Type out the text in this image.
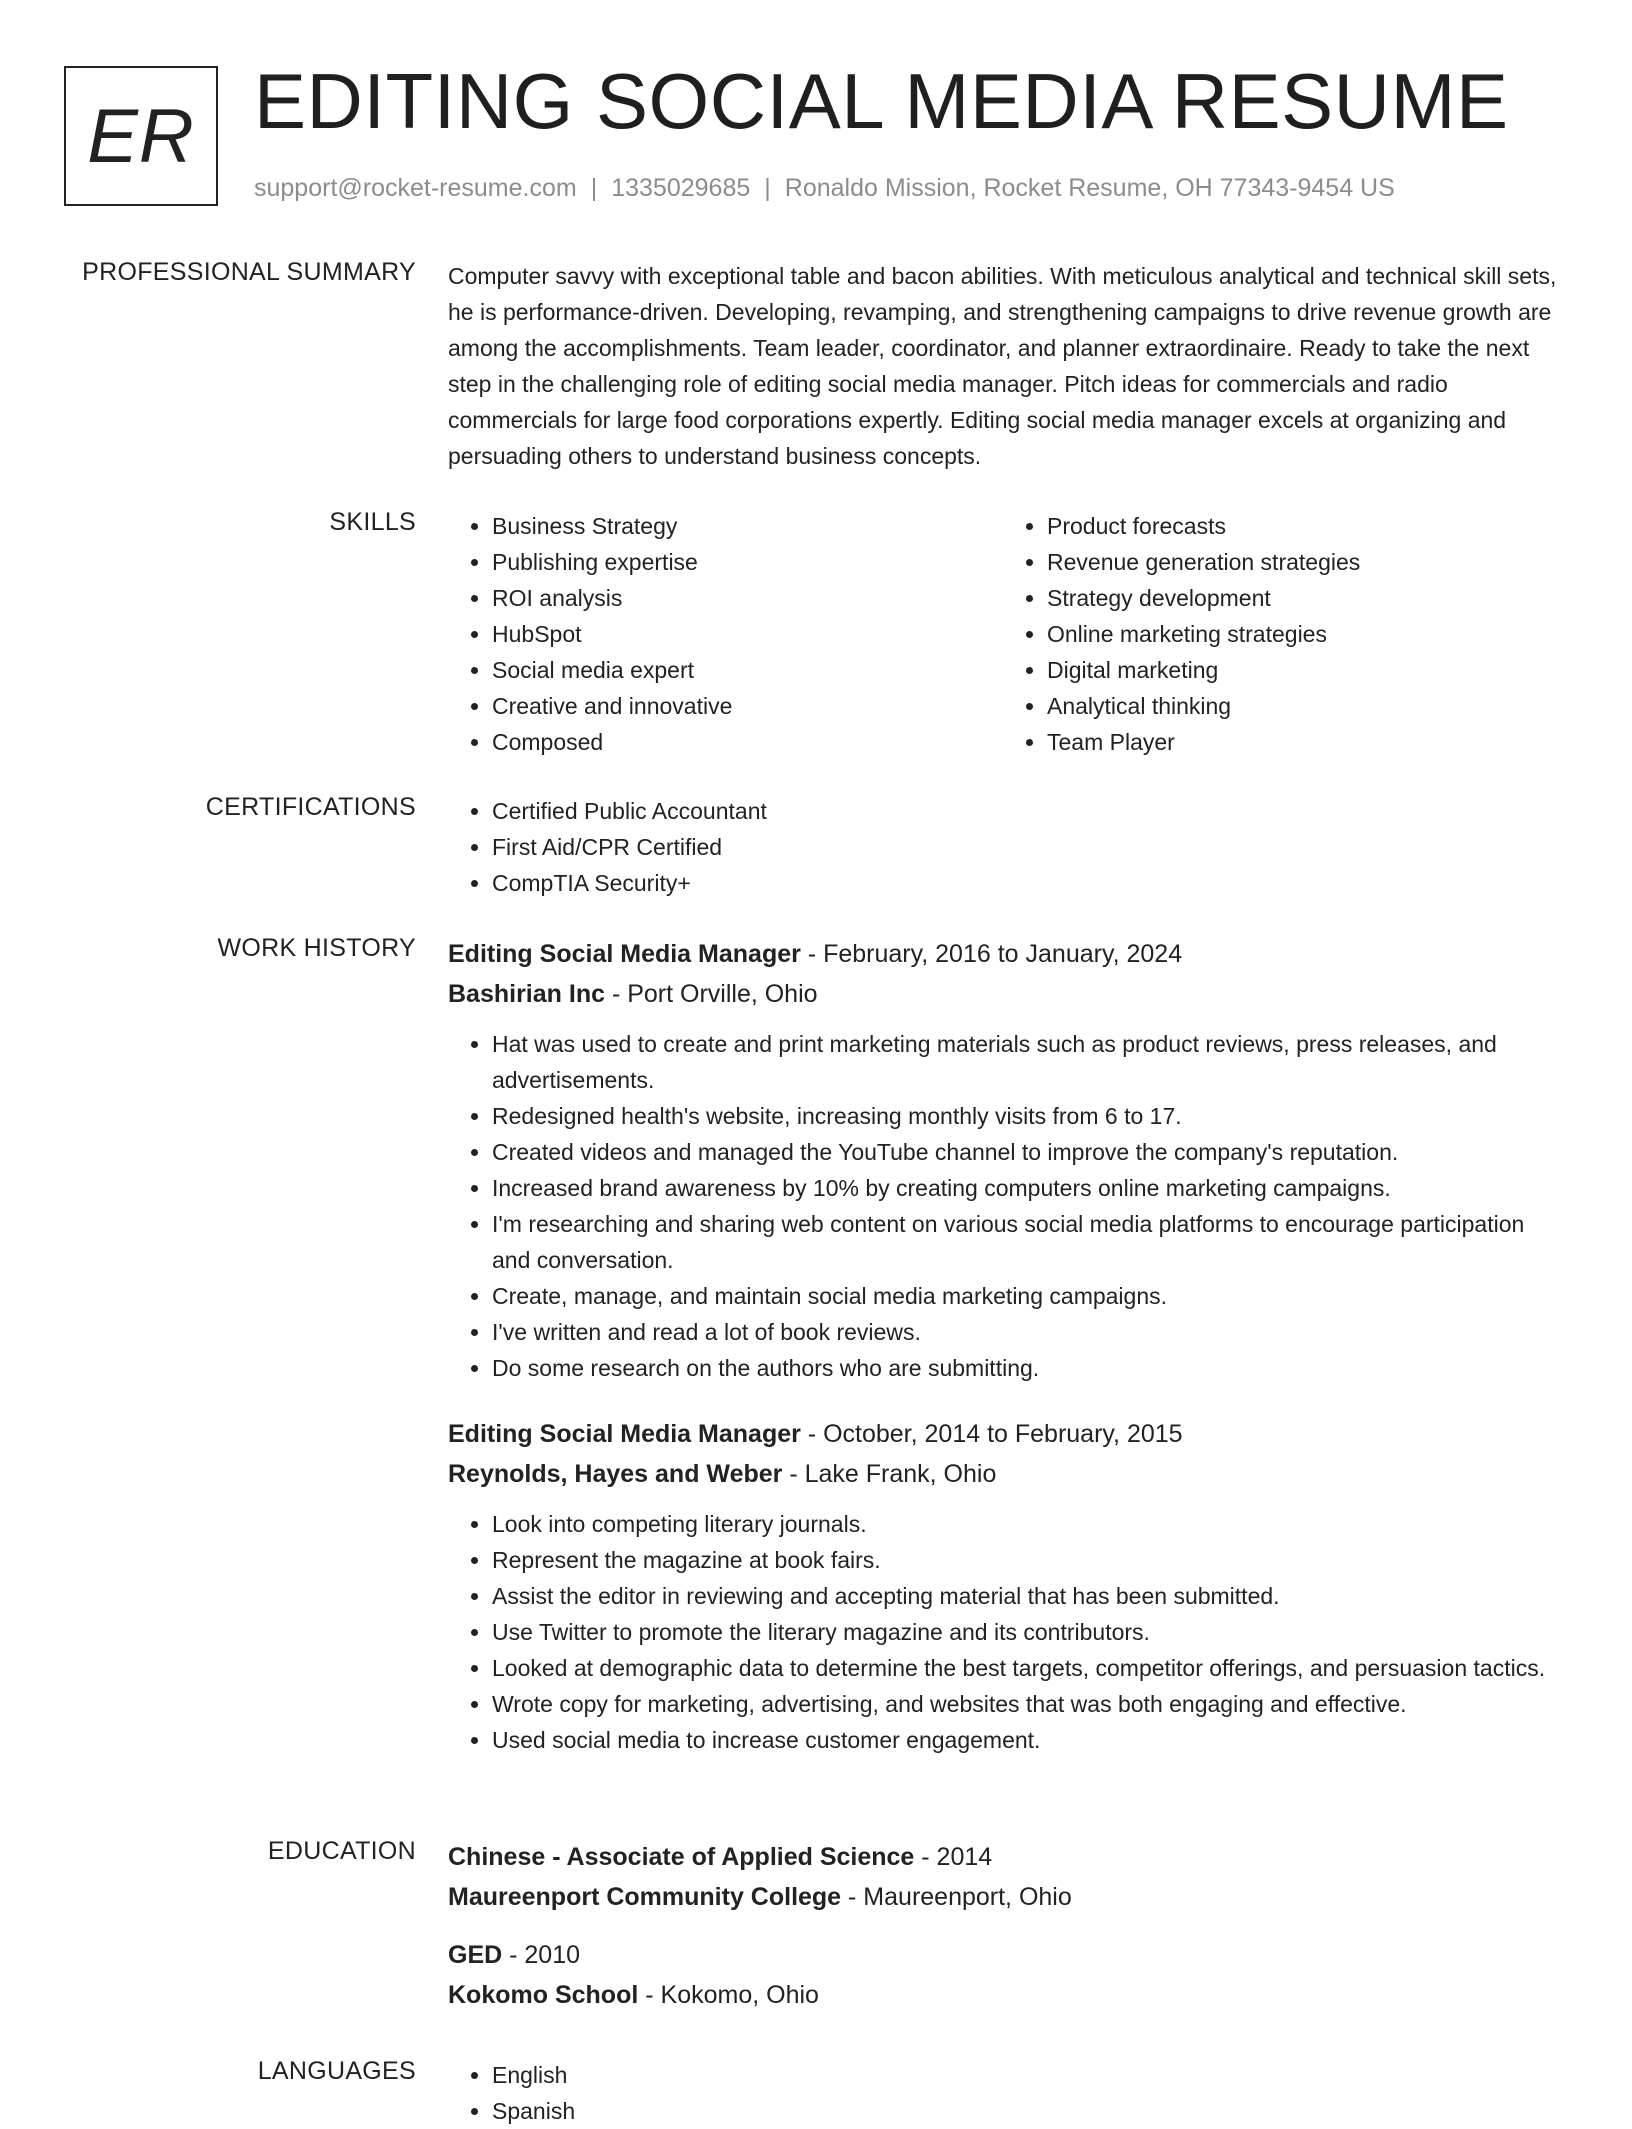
ER EDITING SOCIAL MEDIA RESUME
support@rocket-resume.com | 1335029685 | Ronaldo Mission, Rocket Resume, OH 77343-9454 US
PROFESSIONAL SUMMARY Computer savvy with exceptional table and bacon abilities. With meticulous analytical and technical skill sets, he is performance-driven. Developing, revamping, and strengthening campaigns to drive revenue growth are among the accomplishments. Team leader, coordinator, and planner extraordinaire. Ready to take the next step in the challenging role of editing social media manager. Pitch ideas for commercials and radio commercials for large food corporations expertly. Editing social media manager excels at organizing and persuading others to understand business concepts.
SKILLS	• Business Strategy
• Publishing expertise
• ROI analysis
• HubSpot
• Social media expert
• Creative and innovative
• Composed
• Product forecasts
• Revenue generation strategies
• Strategy development
• Online marketing strategies
• Digital marketing
• Analytical thinking
• Team Player
CERTIFICATIONS	• Certified Public Accountant
• First Aid/CPR Certified
• CompTIA Security+
WORK HISTORY Editing Social Media Manager - February, 2016 to January, 2024
Bashirian Inc - Port Orville, Ohio
• Hat was used to create and print marketing materials such as product reviews, press releases, and advertisements.
• Redesigned health's website, increasing monthly visits from 6 to 17.
• Created videos and managed the YouTube channel to improve the company's reputation.
• Increased brand awareness by 10% by creating computers online marketing campaigns.
• I'm researching and sharing web content on various social media platforms to encourage participation and conversation.
• Create, manage, and maintain social media marketing campaigns.
• I've written and read a lot of book reviews.
• Do some research on the authors who are submitting.
Editing Social Media Manager - October, 2014 to February, 2015
Reynolds, Hayes and Weber - Lake Frank, Ohio
• Look into competing literary journals.
• Represent the magazine at book fairs.
• Assist the editor in reviewing and accepting material that has been submitted.
• Use Twitter to promote the literary magazine and its contributors.
• Looked at demographic data to determine the best targets, competitor offerings, and persuasion tactics.
• Wrote copy for marketing, advertising, and websites that was both engaging and effective.
• Used social media to increase customer engagement.
EDUCATION Chinese - Associate of Applied Science - 2014
Maureenport Community College - Maureenport, Ohio
GED - 2010
Kokomo School - Kokomo, Ohio
LANGUAGES	• English
• Spanish
